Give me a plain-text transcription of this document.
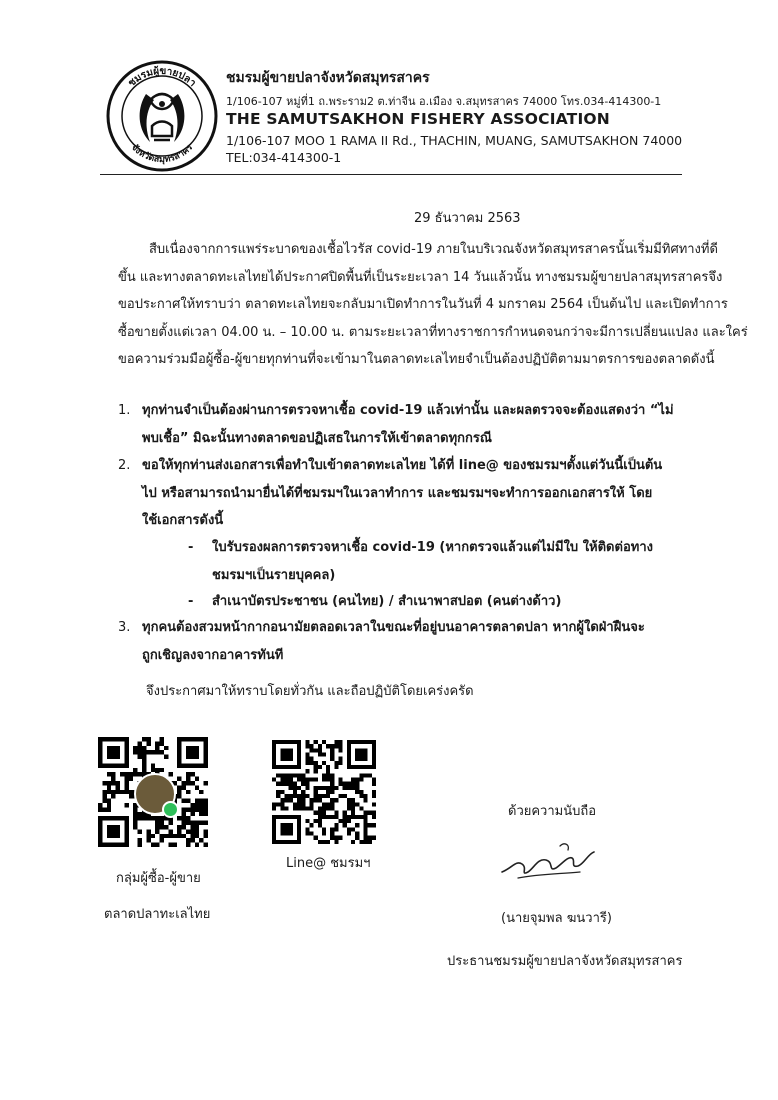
ชมรมผู้ขายปลา
จังหวัดสมุทรสาคร
ชมรมผู้ขายปลาจังหวัดสมุทรสาคร
1/106-107 หมู่ที่1 ถ.พระราม2 ต.ท่าจีน อ.เมือง จ.สมุทรสาคร 74000 โทร.034-414300-1
THE SAMUTSAKHON FISHERY ASSOCIATION
1/106-107 MOO 1 RAMA II Rd., THACHIN, MUANG, SAMUTSAKHON 74000
TEL:034-414300-1
29 ธันวาคม 2563
สืบเนื่องจากการแพร่ระบาดของเชื้อไวรัส covid-19 ภายในบริเวณจังหวัดสมุทรสาครนั้นเริ่มมีทิศทางที่ดี
ขึ้น และทางตลาดทะเลไทยได้ประกาศปิดพื้นที่เป็นระยะเวลา 14 วันแล้วนั้น ทางชมรมผู้ขายปลาสมุทรสาครจึง
ขอประกาศให้ทราบว่า ตลาดทะเลไทยจะกลับมาเปิดทำการในวันที่ 4 มกราคม 2564 เป็นต้นไป และเปิดทำการ
ซื้อขายตั้งแต่เวลา 04.00 น. – 10.00 น. ตามระยะเวลาที่ทางราชการกำหนดจนกว่าจะมีการเปลี่ยนแปลง และใคร่
ขอความร่วมมือผู้ซื้อ-ผู้ขายทุกท่านที่จะเข้ามาในตลาดทะเลไทยจำเป็นต้องปฏิบัติตามมาตรการของตลาดดังนี้
1. ทุกท่านจำเป็นต้องผ่านการตรวจหาเชื้อ covid-19 แล้วเท่านั้น และผลตรวจจะต้องแสดงว่า “ไม่
พบเชื้อ” มิฉะนั้นทางตลาดขอปฏิเสธในการให้เข้าตลาดทุกกรณี
2. ขอให้ทุกท่านส่งเอกสารเพื่อทำใบเข้าตลาดทะเลไทย ได้ที่ line@ ของชมรมฯตั้งแต่วันนี้เป็นต้น
ไป หรือสามารถนำมายื่นได้ที่ชมรมฯในเวลาทำการ และชมรมฯจะทำการออกเอกสารให้ โดย
ใช้เอกสารดังนี้
- ใบรับรองผลการตรวจหาเชื้อ covid-19 (หากตรวจแล้วแต่ไม่มีใบ ให้ติดต่อทาง
ชมรมฯเป็นรายบุคคล)
- สำเนาบัตรประชาชน (คนไทย) / สำเนาพาสปอต (คนต่างด้าว)
3. ทุกคนต้องสวมหน้ากากอนามัยตลอดเวลาในขณะที่อยู่บนอาคารตลาดปลา หากผู้ใดฝ่าฝืนจะ
ถูกเชิญลงจากอาคารทันที
จึงประกาศมาให้ทราบโดยทั่วกัน และถือปฏิบัติโดยเคร่งครัด
กลุ่มผู้ซื้อ-ผู้ขาย
ตลาดปลาทะเลไทย
Line@ ชมรมฯ
ด้วยความนับถือ
(นายจุมพล ฆนวารี)
ประธานชมรมผู้ขายปลาจังหวัดสมุทรสาคร
